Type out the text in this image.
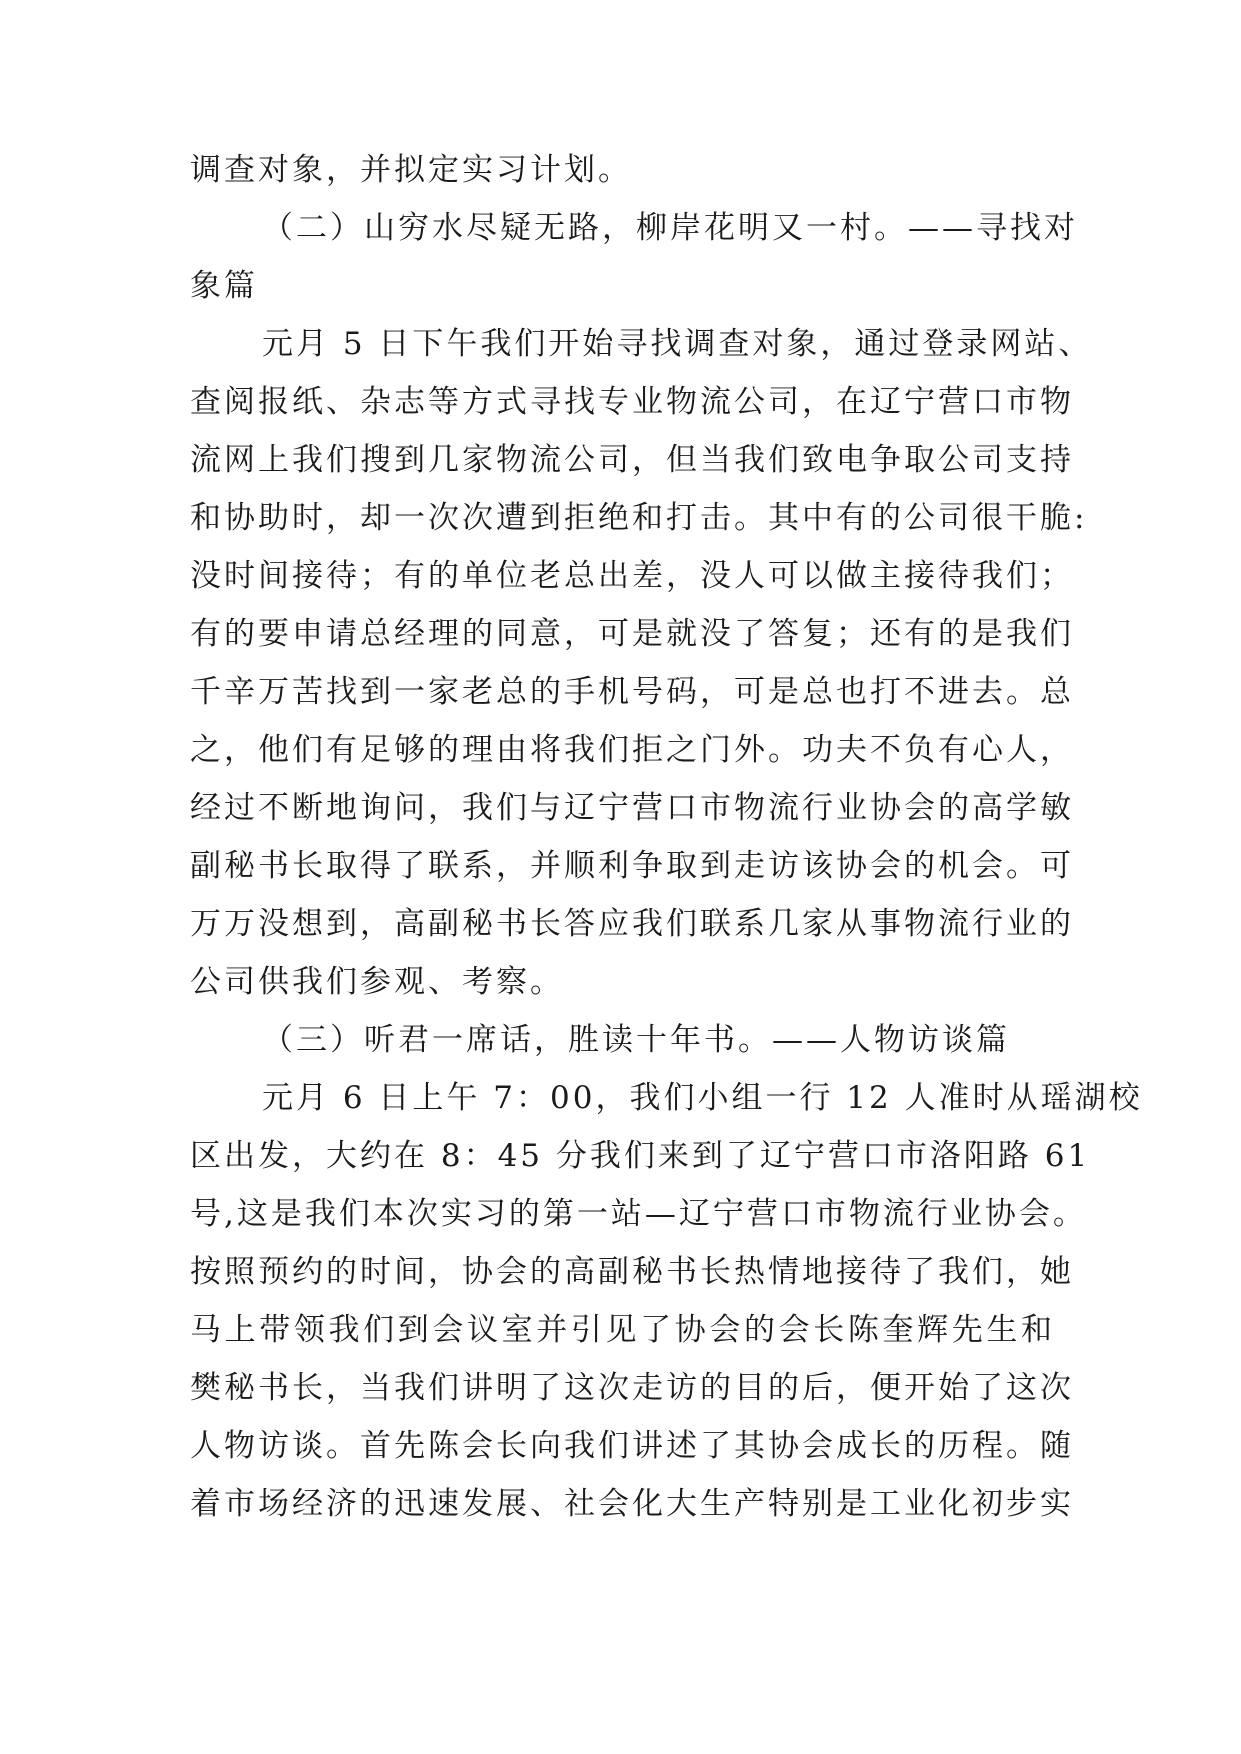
调查对象，并拟定实习计划。
（二）山穷水尽疑无路，柳岸花明又一村。——寻找对
象篇
元月 5 日下午我们开始寻找调查对象，通过登录网站、
查阅报纸、杂志等方式寻找专业物流公司，在辽宁营口市物
流网上我们搜到几家物流公司，但当我们致电争取公司支持
和协助时，却一次次遭到拒绝和打击。其中有的公司很干脆:
没时间接待；有的单位老总出差，没人可以做主接待我们；
有的要申请总经理的同意，可是就没了答复；还有的是我们
千辛万苦找到一家老总的手机号码，可是总也打不进去。总
之，他们有足够的理由将我们拒之门外。功夫不负有心人，
经过不断地询问，我们与辽宁营口市物流行业协会的高学敏
副秘书长取得了联系，并顺利争取到走访该协会的机会。可
万万没想到，高副秘书长答应我们联系几家从事物流行业的
公司供我们参观、考察。
（三）听君一席话，胜读十年书。——人物访谈篇
元月 6 日上午 7：00，我们小组一行 12 人准时从瑶湖校
区出发，大约在 8：45 分我们来到了辽宁营口市洛阳路 61
号,这是我们本次实习的第一站—辽宁营口市物流行业协会。
按照预约的时间，协会的高副秘书长热情地接待了我们，她
马上带领我们到会议室并引见了协会的会长陈奎辉先生和
樊秘书长，当我们讲明了这次走访的目的后，便开始了这次
人物访谈。首先陈会长向我们讲述了其协会成长的历程。随
着市场经济的迅速发展、社会化大生产特别是工业化初步实
